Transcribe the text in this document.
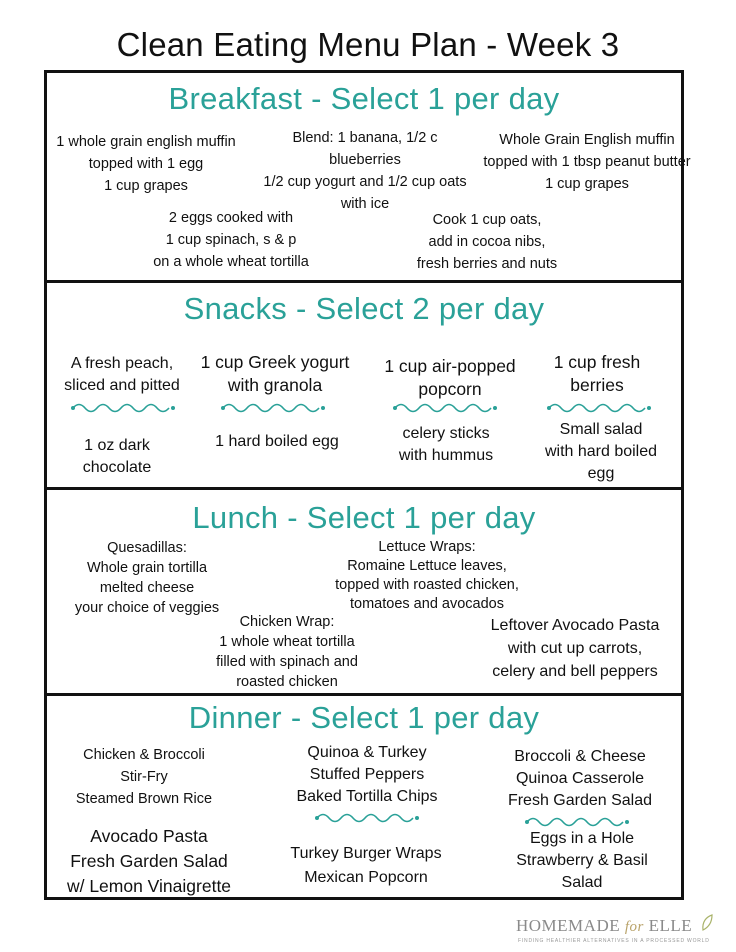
Clean Eating Menu Plan - Week 3
Breakfast - Select 1 per day
1 whole grain english muffin
topped with 1 egg
1 cup grapes
Blend: 1 banana, 1/2 c blueberries
1/2 cup yogurt and 1/2 cup oats
with ice
Whole Grain English muffin
topped with 1 tbsp peanut butter
1 cup grapes
2 eggs cooked with
1 cup spinach, s & p
on a whole wheat tortilla
Cook 1 cup oats,
add in cocoa nibs,
fresh berries and nuts
Snacks - Select 2 per day
A fresh peach,
sliced and pitted
1 cup Greek yogurt
with granola
1 cup air-popped
popcorn
1 cup fresh
berries
1 oz dark
chocolate
1 hard boiled egg	celery sticks
with hummus
Small salad
with hard boiled
egg
Lunch - Select 1 per day
Quesadillas:
Whole grain tortilla
melted cheese
your choice of veggies
Lettuce Wraps:
Romaine Lettuce leaves,
topped with roasted chicken,
tomatoes and avocados
Chicken Wrap:
1 whole wheat tortilla
filled with spinach and
roasted chicken
Leftover Avocado Pasta
with cut up carrots,
celery and bell peppers
Dinner - Select 1 per day
Chicken & Broccoli
Stir-Fry
Steamed Brown Rice
Quinoa & Turkey
Stuffed Peppers
Baked Tortilla Chips
Broccoli & Cheese
Quinoa Casserole
Fresh Garden Salad
Avocado Pasta
Fresh Garden Salad
w/ Lemon Vinaigrette
Turkey Burger Wraps
Mexican Popcorn
Eggs in a Hole
Strawberry & Basil
Salad
HOMEMADE for ELLE
FINDING HEALTHIER ALTERNATIVES IN A PROCESSED WORLD
